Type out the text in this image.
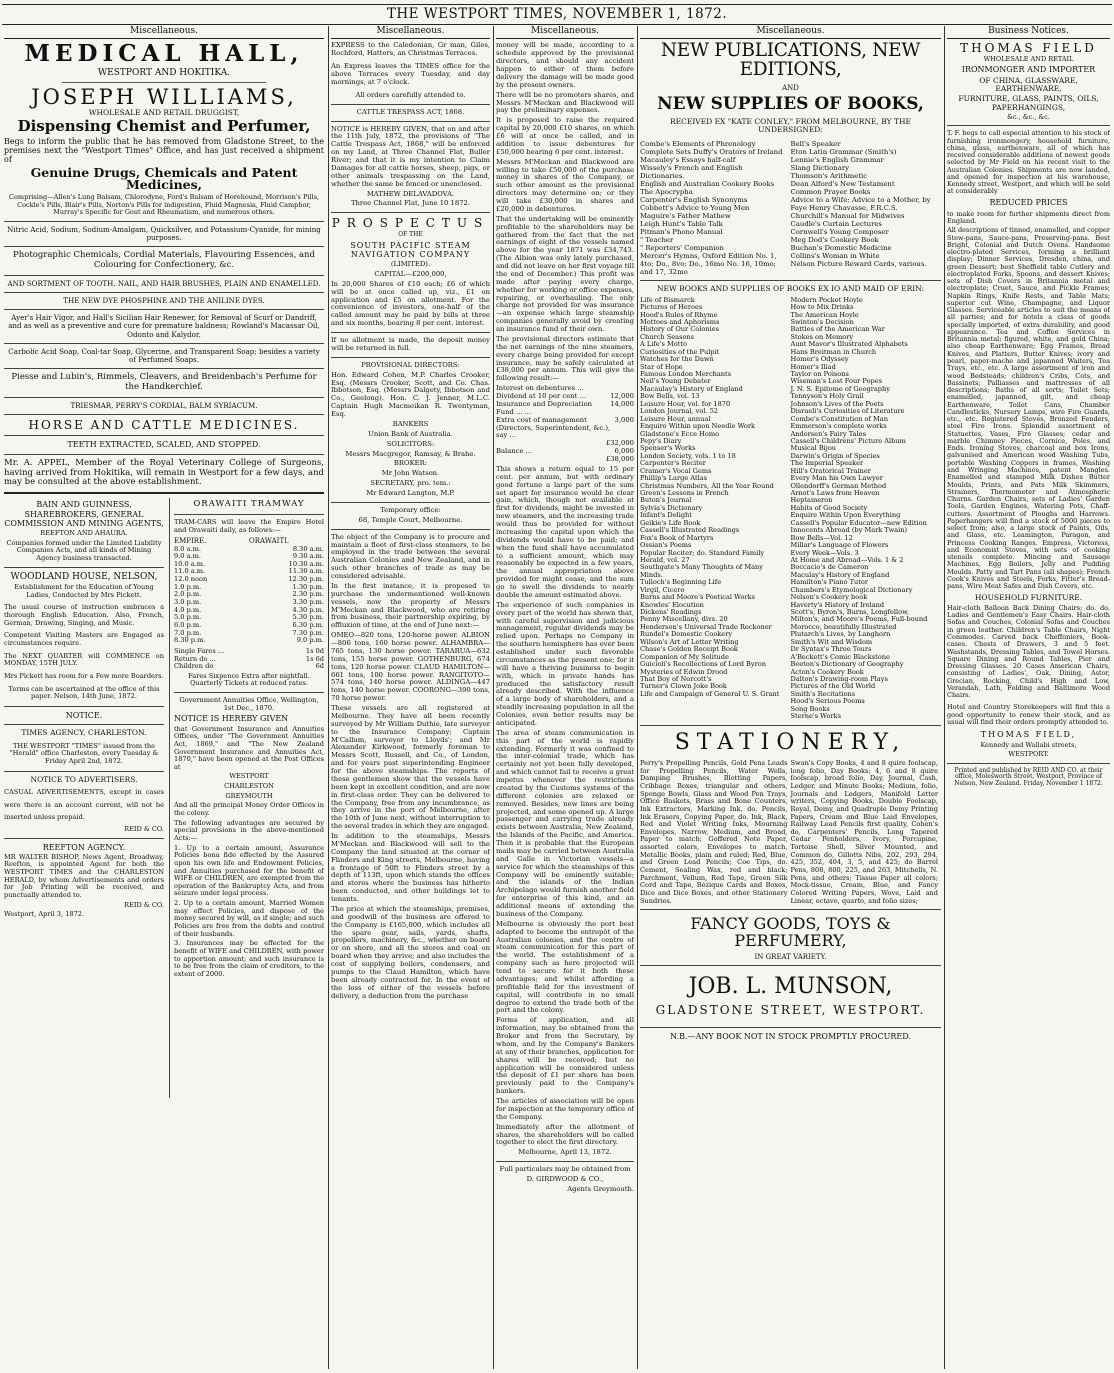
THE WESTPORT TIMES, NOVEMBER 1, 1872.
Miscellaneous.
MEDICAL HALL,
WESTPORT AND HOKITIKA.
JOSEPH WILLIAMS,
WHOLESALE AND RETAIL DRUGGIST,
Dispensing Chemist and Perfumer,

Begs to inform the public that he has removed from Gladstone Street, to the premises next the "Westport Times" Office, and has just received a shipment of

Genuine Drugs, Chemicals and Patent Medicines,

Comprising—Allen's Lung Balsam, Chlorodyne, Ford's Balsam of Horehound, Morrison's Pills, Cockle's Pills, Blair's Pills, Norton's Pills for indigestion, Fluid Magnesia, Fluid Camphor, Murray's Specific for Gout and Rheumatism, and numerous others.

Nitric Acid, Sodium, Sodium-Amalgam, Quicksilver, and Potassium-Cyanide, for mining purposes.

Photographic Chemicals, Cordial Materials, Flavouring Essences, and Colouring for Confectionery, &c.

AND SORTMENT OF TOOTH, NAIL, AND HAIR BRUSHES, PLAIN AND ENAMELLED.

THE NEW DYE PHOSPHINE AND THE ANILINE DYES.

Ayer's Hair Vigor, and Hall's Sicilian Hair Renewer, for Removal of Scurf or Dandriff, and as well as a preventive and cure for premature baldness; Rowland's Macassar Oil, Odonto and Kalydor.

Carbolic Acid Soap, Coal-tar Soap, Glycerine, and Transparent Soap; besides a variety of Perfumed Soaps.

Piesse and Lubin's, Rimmels, Cleavers, and Breidenbach's Perfume for the Handkerchief.

TRIESMAR, PERRY'S CORDIAL, BALM SYRIACUM.

HORSE AND CATTLE MEDICINES.

TEETH EXTRACTED, SCALED, AND STOPPED.

Mr. A. APPEL, Member of the Royal Veterinary College of Surgeons, having arrived from Hokitika, will remain in Westport for a few days, and may be consulted at the above establishment.

BAIN AND GUINNESS, SHAREBROKERS, GENERAL COMMISSION AND MINING AGENTS,

REEFTON AND AHAURA.

Companies formed under the Limited Liability Companies Acts, and all kinds of Mining Agency business transacted.

WOODLAND HOUSE, NELSON,

Establishment for the Education of Young Ladies, Conducted by Mrs Pickett.

The usual course of instruction embraces a thorough English Education. Also, French, German, Drawing, Singing, and Music.

Competent Visiting Masters are Engaged as circumstances require.

The NEXT QUARTER will COMMENCE on MONDAY, 15TH JULY.

Mrs Pickett has room for a Few more Boarders.

Terms can be ascertained at the office of this paper. Nelson, 14th June, 1872.

NOTICE.

TIMES AGENCY, CHARLESTON.

THE WESTPORT "TIMES" issued from the "Herald" office Charleston, every Tuesday & Friday April 2nd, 1872.

NOTICE TO ADVERTISERS.

CASUAL ADVERTISEMENTS, except in cases were there is an account current, will not be inserted unless prepaid.

REID & CO.

REEFTON AGENCY.

MR WALTER BISHOP, News Agent, Broadway, Reefton, is appointed Agent for both the WESTPORT TIMES and the CHARLESTON HERALD, by whom Advertisements and orders for Job Printing will be received, and punctually attended to.

REID & CO.

Westport, April 3, 1872.

ORAWAITI TRAMWAY

TRAM-CARS will leave the Empire Hotel and Orawaiti daily, as follows:—

EMPIRE.	ORAWAITI.
8.0 a.m.	8.30 a.m.
9.0 a.m.	9.30 a.m.
10.0 a.m.	10.30 a.m.
11.0 a.m.	11.30 a.m.
12.0 noon	12.30 p.m.
1.0 p.m.	1.30 p.m.
2.0 p.m.	2.30 p.m.
3.0 p.m.	3.30 p.m.
4.0 p.m.	4.30 p.m.
5.0 p.m.	5.30 p.m.
6.0 p.m.	6.30 p.m.
7.0 p.m.	7.30 p.m.
8.30 p.m.	9.0 p.m.
Single Fares ...	1s 0d
Return do ...	1s 6d
Children do	6d

Fares Sixpence Extra after nightfall. Quarterly Tickets at reduced rates.

Government Annuities Office, Wellington, 1st Dec., 1870.

NOTICE IS HEREBY GIVEN

that Government Insurance and Annuities Offices, under "The Government Annuities Act, 1869," and "The New Zealand Government Insurance and Annuities Act, 1870," have been opened at the Post Offices at

WESTPORT

CHARLESTON

GREYMOUTH

And all the principal Money Order Offices in the colony.

The following advantages are secured by special provisions in the above-mentioned Acts:—

1. Up to a certain amount, Assurance Policies bona fide effected by the Assured upon his own life and Endowment Policies, and Annuities purchased for the benefit of WIFE or CHILDREN, are exempted from the operation of the Bankruptcy Acts, and from seizure under legal process.

2. Up to a certain amount, Married Women may effect Policies, and dispose of the money secured by will, as if single; and such Policies are free from the debts and control of their husbands.

3. Insurances may be effected for the benefit of WIFE and CHILDREN, with power to apportion amount; and such insurance is to be free from the claim of creditors, to the extent of 2000.

Miscellaneous.

EXPRESS to the Caledonian, Gr man, Giles, Rochford, Hatters, an Christmas Terraces.

An Express leaves the TIMES office for the above Terraces every Tuesday, and day mornings, at 7 o'clock.

All orders carefully attended to.

CATTLE TRESPASS ACT, 1868.

NOTICE is HEREBY GIVEN, that on and after the 11th July, 1872, the provisions of "The Cattle Trespass Act, 1868," will be enforced on my Land, at Three Channel Flat, Buller River; and that it is my intention to Claim Damages for all cattle horses, sheep, pigs, or other animals trespassing on the Land, whether the same be fenced or unenclosed.

MATHEW DELAVADOVA.

Three Channel Flat, June 10 1872.

PROSPECTUS

OF THE

SOUTH PACIFIC STEAM NAVIGATION COMPANY

(LIMITED).

CAPITAL—£200,000,

In 20,000 Shares of £10 each; £6 of which will be at once called up, viz., £1 on application and £5 on allotment. For the convenience of investors, one-half of the called amount may be paid by bills at three and six months, bearing 8 per cent. interest.

If no allotment is made, the deposit money will be returned in full.

PROVISIONAL DIRECTORS:

Hon. Edward Cohen, M.P. Charles Crooker, Esq. (Messrs Crooker, Scott, and Co. Chas. Ibbotson, Esq. (Messrs Dalgety, Ibbotson and Co., Geelong). Hon. C. J. Jenner, M.L.C. Captain Hugh Macmeikan R. Twentyman, Esq.

BANKERS

Union Bank of Australia.

SOLICITORS:

Messrs Macgregor, Ramsay, & Brahe.

BROKER:

Mr John Watson.

SECRETARY, pro. tem.:

Mr Edward Langton, M.P.

Temporary office:

68, Temple Court, Melbourne.

The object of the Company is to procure and maintain a fleet of first-class steamers, to be employed in the trade between the several Australian Colonies and New Zealand, and in such other branches of trade as may be considered advisable.

In the first instance, it is proposed to purchase the undermentioned well-known vessels, now the property of Messrs M'Meckan and Blackwood, who are retiring from business, their partnership expiring, by effluxion of time, at the end of June next:—

OMEO—820 tons, 120-horse power. ALBION—806 tons, 160 horse power. ALHAMBRA—765 tons, 130 horse power. TARARUA—632 tons, 155 horse power. GOTHENBURG, 674 tons, 120 horse power. CLAUD HAMILTON—661 tons, 100 horse power. RANGITOTO—574 tons, 140 horse power. ALDINGA—447 tons, 140 horse power. COORONG—390 tons, 70 horse power.

These vessels are all registered at Melbourne. They have all been recently surveyed by Mr William Duthie, late surveyor to the Insurance Company; Captain M'Callum, surveyor to Lloyds'; and Mr Alexander Kirkwood, formerly foreman to Messrs Scott, Russell, and Co., of London, and for years past superintending Engineer for the above steamships. The reports of these gentlemen show that the vessels have been kept in excellent condition, and are now in first-class order. They can be delivered to the Company, free from any incumbrance, as they arrive in the port of Melbourne, after the 10th of June next, without interruption to the several trades in which they are engaged.

In addition to the steamships, Messrs M'Meckan and Blackwood will sell to the Company the land situated at the corner of Flinders and King streets, Melbourne, having a frontage of 50ft to Flinders street by a depth of 113ft, upon which stands the offices and stores where the business has hitherto been conducted, and other buildings let to tenants.

The price at which the steamships, premises, and goodwill of the business are offered to the Company is £165,000, which includes all the spare gear, sails, yards, shafts, propellers, machinery, &c., whether on board or on shore, and all the stores and coal on board when they arrive; and also includes the cost of supplying boilers, condensers, and pumps to the Claud Hamilton, which have been already contracted for. In the event of the loss of either of the vessels before delivery, a deduction from the purchase

Miscellaneous.

money will be made, according to a schedule approved by the provisional directors, and should any accident happen to either of them before delivery the damage will be made good by the present owners.

There will be no promoters shares, and Messrs M'Meckan and Blackwood will pay the preliminary expenses.

It is proposed to raise the required capital by 20,000 £10 shares, on which £6 will at once be called, and in addition to issue debentures for £50,000 bearing 6 per cent. interest.

Messrs M'Meckan and Blackwood are willing to take £50,000 of the purchase money in shares of the Company, or such other amount as the provisional directors may determine on; or they will take £30,000 in shares and £20,000 in debentures.

That the undertaking will be eminently profitable to the shareholders may be gathered from the fact that the net earnings of eight of the vessels named above for the year 1871 was £34,743. (The Albion was only lately purchased, and did not leave on her first voyage till the end of December.) This profit was made after paying every charge, whether for working or office expenses, repairing, or overhauling. The only charge not provided for was insurance—an expense which large steamship companies generally avoid by creating an insurance fund of their own.

The provisional directors estimate that the net earnings of the nine steamers, every charge being provided for except insurance, may be safely calculated at £38,000 per annum. This will give the following result:—

Interest on debentures ...
Dividend at 10 per cent ...	12,000
Insurance and Depreciation Fund ... ...
14,000
Extra cost of management (Directors, Superintendent, &c.), say ...
3,000
£32,000
Balance ...	6,000
£38,000

This shows a return equal to 15 per cent. per annum, but with ordinary good fortune a large part of the sum set apart for insurance would be clear gain, which, though not available at first for dividends, might be invested in new steamers, and the increasing trade would thus be provided for without increasing the capital upon which the dividends would have to be paid; and when the fund shall have accumulated to a sufficient amount, which may reasonably be expected in a few years, the annual appropriation above provided for might cease, and the sum go to swell the dividends to nearly double the amount estimated above.

The experience of such companies in every part of the world has shown that, with careful supervision and judicious management, regular dividends may be relied upon. Perhaps no Company in the southern hemisphere has ever been established under such favorable circumstances as the present one; for it will have a thriving business to begin with, which in private hands has produced the satisfactory result already described. With the influence of a large body of shareholders, and a steadily increasing population in all the Colonies, even better results may be anticipated.

The area of steam communication in this part of the world is rapidly extending. Formerly it was confined to the inter-colonial trade, which has certainly not yet been fully developed, and which cannot fail to receive a great impetus whenever the restrictions created by the Customs systems of the different colonies are relaxed or removed. Besides, new lines are being projected, and some opened up. A large passenger and carrying trade already exists between Australia, New Zealand, the Islands of the Pacific, and America. Then it is probable that the European mails may be carried between Australia and Galle in Victorian vessels—a service for which the steamships of this Company will be eminently suitable; and the islands of the Indian Archipelago would furnish another field for enterprise of this kind, and an additional means of extending the business of the Company.

Melbourne is obviously the port best adapted to become the entrepôt of the Australian colonies, and the centre of steam communication for this part of the world. The establishment of a company such as here projected will tend to secure for it both these advantages; and whilst affording a profitable field for the investment of capital, will contribute in no small degree to extend the trade both of the port and the colony.

Forms of application, and all information, may be obtained from the Broker and from the Secretary, by whom, and by the Company's Bankers at any of their branches, application for shares will be received; but no application will be considered unless the deposit of £1 per share has been previously paid to the Company's bankers.

The articles of association will be open for inspection at the temporary office of the Company.

Immediately after the allotment of shares, the shareholders will be called together to elect the first directory.

Melbourne, April 13, 1872.

Full particulars may be obtained from

D. GIRDWOOD & CO.,

Agents Greymouth.

Miscellaneous.
NEW PUBLICATIONS, NEW EDITIONS,

AND

NEW SUPPLIES OF BOOKS,

RECEIVED EX "KATE CONLEY," FROM MELBOURNE, BY THE UNDERSIGNED:

Combe's Elements of Phrenology

Complete Sets Duffy's Orators of Ireland

Macauley's Essays half-calf

Wissely's French and English Dictionaries.

English and Australian Cookery Books

The Apocrypha

Carpenter's English Synonyms

Cobbett's Advice to Young Men

Maguire's Father Mathew

Leigh Hunt's Table Talk

Pitman's Phono Manual

" Teacher

" Reporters' Companion

Mercer's Hymns, Oxford Edition No. 1, 4to; Do., 8vo; Do., 16mo No. 16, 10mo; and 17, 32mo

Bell's Speaker

Eton Latin Grammar (Smith's)

Lennie's English Grammar

Slang Dictionary

Thomson's Arithmetic

Dean Alford's New Testament

Common Prayer Books

Advice to a Wife; Advice to a Mother, by Faye Henry Chavasse, F.R.C.S.

Churchill's Manual for Midwives

Caudle's Curtain Lectures

Cornwell's Young Composer

Meg Dod's Cookery Book

Buchan's Domestic Medicine

Collins's Woman in White

Nelson Picture Reward Cards, various.

NEW BOOKS AND SUPPLIES OF BOOKS EX IO AND MAID OF ERIN:

Life of Bismarck

Pictures of Heroes

Hood's Rules of Rhyme

Mottoes and Aphorisms

History of Our Colonies

Church Seasons

A Life's Motto

Curiosities of the Pulpit

Watches for the Dawn

Star of Hope

Famous London Merchants

Neil's Young Debater

Macaulay's History of England

Bow Bells, vol. 13

Leisure Hour, vol. for 1870

London Journal, vol. 52

Leisure Hour, annual

Enquire Within upon Needle Work

Gladstone's Ecce Homo

Pepy's Diary

Spenser's Works

London Society, vols. 1 to 18

Carpenter's Reciter

Cramer's Vocal Gems

Phillip's Large Atlas

Christmas Numbers, All the Year Round

Green's Lessons in French

Buton's Journal

Sylvia's Dictionary

Infant's Delight

Geikie's Life Book

Cassell's Illustrated Readings

Fox's Book of Martyrs

Ossian's Poems

Popular Reciter; do. Standard Family Herald, vol. 27

Southgate's Many Thoughts of Many Minds.

Tulloch's Beginning Life

Virgil, Cicero

Burns and Moore's Poetical Works

Knowles' Elocution

Dickens' Readings

Penny Miscellany, divs. 20

Henderson's Universal Trade Reckoner

Rundel's Domestic Cookery

Wilson's Art of Letter Writing

Chase's Golden Receipt Book

Companion of My Solitude

Guicioli's Recollections of Lord Byron

Mysteries of Edwin Drood

That Boy of Norcott's

Turner's Clown Joke Book

Life and Campaign of General U. S. Grant

Modern Pocket Hoyle

How to Mix Drinks

The American Hoyle

Swinton's Decision

Battles of the American War

Stokes on Memory

Aunt Mavor's Illustrated Alphabets

Hans Breitman in Church

Homer's Odyssey

Homer's Iliad

Taylor on Poisons

Wiseman's Lost Four Popes

J. N. S. Epitome of Geography

Tennyson's Holy Grail

Johnson's Lives of the Poets

Disraeli's Curiosities of Literature

Combe's Constitution of Man

Emmerson's complete works

Andersen's Fairy Tales

Cassell's Childrens' Picture Album

Musical Bijou

Darwin's Origin of Species

The Imperial Speaker

Hill's Oratorical Trainer

Every Man his Own Lawyer

Ollendorff's German Method

Arnot's Laws from Heaven

Heptameron

Habits of Good Society

Enquire Within Upon Everything

Cassell's Popular Educator—new Edition

Innocents Abroad (by Mark Twain)

Bow Bells—Vol. 12

Millar's Language of Flowers

Every Week—Vols. 3

At Home and Abroad—Vols. 1 & 2

Boccacio's de Cameron

Maculay's History of England

Hamilton's Piano Tutor

Chambers's Etymological Dictionary

Nelson's Cookery book

Haverty's History of Ireland

Scott's, Byron's, Burns, Longfellow, Milton's, and Moore's Poems, Full-bound Morocco, beautifully Illustrated

Plutarch's Lives, by Langhorn

Smith's Wit and Wisdom

Dr Syntax's Three Tours

A'Beckett's Comic Blackstone

Beeton's Dictionary of Geography

Acton's Cookery Book

Dalton's Drawing-room Plays

Pictures of the Old World

Smith's Recitations

Hood's Serious Poems

Song Books

Sterne's Works

STATIONERY,

Perry's Propelling Pencils, Gold Pens Leads for Propelling Pencils, Water Wells, Damping Brushes, Blotting Papers, Cribbage Boxes, triangular and others, Sponge Bowls, Glass and Wood Pen Trays, Office Baskets, Brass and Bone Counters, Ink Extractors, Marking Ink, do. Pencils, Ink Erasers, Copying Paper, do. Ink, Black, Red and Violet Writing Inks, Mourning Envelopes, Narrow, Medium, and Broad, Paper to match; Goffered Note Paper, assorted colors, Envelopes to match, Metallic Books, plain and ruled; Red, Blue, and Green Lead Pencils; Coe Tips, do. Cement, Sealing Wax, red and black; Parchment, Vellum, Red Tape, Green Silk Cord and Tape, Bézique Cards and Boxes, Dice and Dice Boxes, and other Stationery Sundries.

Swan's Copy Books, 4 and 8 quire foolscap, long folio, Day Books; 4, 6 and 8 quire foolscap, broad folio, Day, Journal, Cash, Ledger, and Minute Books; Medium, folio, Journals and Ledgers, Manifold Letter writers, Copying Books, Double Foolscap, Royal, Demy, and Quadruple Demy Printing Papers, Cream and Blue Laid Envelopes, Railway Lead Pencils first quality, Cohen's do, Carpenters' Pencils, Long Tapered Cedar Penholders, Ivory, Porcupine, Tortoise Shell, Silver Mounted, and Common do, Gillotts Nibs, 202, 293, 294, 425, 352, 404, 3, 5, and 425; do Barrel Pens, 808, 800, 225, and 263, Mitchells, N. Pens, and others; Tissue Paper all colors; Mock-tissue, Cream, Blue, and Fancy Colored Writing Papers, Wove, Laid and Linear, octavo, quarto, and folio sizes;

FANCY GOODS, TOYS & PERFUMERY,

IN GREAT VARIETY.

JOB. L. MUNSON,
GLADSTONE STREET, WESTPORT.

N.B.—ANY BOOK NOT IN STOCK PROMPTLY PROCURED.

Business Notices.
THOMAS FIELD

WHOLESALE AND RETAIL

IRONMONGER AND IMPORTER

OF CHINA, GLASSWARE, EARTHENWARE,

FURNITURE, GLASS, PAINTS, OILS, PAPERHANGINGS,

&c., &c., &c.

T. F. begs to call especial attention to his stock of furnishing ironmongery, household furniture, china, glass, earthenware, all of which has received considerable additions of newest goods selected by Mr Field on his recent visit to the Australian Colonies. Shipments are now landed, and opened for inspection at his warehouse, Kennedy street, Westport, and which will be sold at considerably

REDUCED PRICES

to make room for further shipments direct from England.

All descriptions of tinned, enamelled, and copper Stew-pans, Sauce-pans, Preserving-pans. Best Bright, Colonial and Dutch Ovens. Handsome electro-plated Services, forming a brilliant display; Dinner Services, Dresden, china, and green Dessert; best Sheffield table Cutlery and electroplated Forks, Spoons, and dessert Knives; sets of Dish Covers in Britannia metal and electroplate; Cruet, Sauce, and Pickle Frames; Napkin Rings, Knife Rests, and Table Mats; superior cut Wine, Champagne, and Liquor Glasses. Serviceable articles to suit the means of all parties; and for hotels a class of goods specially imported, of extra durability, and good appearance. Tea and Coffee Services in Britannia metal; figured, white, and gold China; also cheap Earthenware; Egg Frames, Bread Knives, and Platters, Butter Knives; ivory and pearl, paper-mache and japanned Waiters, Tea Trays, etc., etc. A large assortment of iron and wood Bedsteads; children's Cribs, Cots, and Bassinets; Palliasses and mattresses of all descriptions; Baths of all sorts; Toilet Sets; enamelled, japanned, gilt, and cheap Earthenware, Toilet Cans, Chamber Candlesticks, Nursery Lamps, wire Fire Guards, etc., etc. Registered Stoves, Bronzed Fenders, steel Fire Irons. Splendid assortment of Statuettes, Vases, Fire Glasses; cedar and marble Chimney Pieces, Cornice, Poles, and Ends. Ironing Stoves, charcoal and box Irons, galvanised and American wood Washing Tubs, portable Washing Coppers in frames, Washing and Wringing Machines, patent Mangles. Enamelled and stamped Milk Dishes Butter Moulds, Prints, and Pats Milk Skimmers, Strainers, Thermometer and Atmospheric Churns. Garden Chairs, sets of Ladies' Garden Tools, Garden Engines, Watering Pots, Chaff-cutters. Assortment of Ploughs and Harrows. Paperhangers will find a stock of 5000 pieces to select from; also, a large stock of Paints, Oils, and Glass, etc. Leamington, Paragon, and Princess Cooking Ranges. Empress, Victoress, and Economist Stoves, with sets of cooking utensils complete. Mincing and Sausage Machines, Egg Boilers, Jelly and Pudding Moulds. Patty and Tart Pans (all shapes); French Cook's Knives and Steels, Forks, Fitter's Bread-pans, Wire Meat Safes and Dish Covers, etc.

HOUSEHOLD FURNITURE.

Hair-cloth Balloon Back Dining Chairs; do. do. Ladies and Gentlemen's Easy Chairs. Hair-cloth Sofas and Couches, Colonial Sofas and Couches in green leather. Children's Table Chairs, Night Commodes. Carved back Cheffoniers, Book-cases. Chests of Drawers, 3 and 5 feet. Washstands, Dressing Tables, and Towel Horses. Square Dining and Round Tables, Pier and Dressing Glasses. 20 Cases American Chairs, consisting of Ladies', Oak, Dining, Astor, Grecian, Rocking, Child's High and Low, Verandah, Lath, Folding and Baltimore Wood Chairs.

Hotel and Country Storekeepers will find this a good opportunity to renew their stock, and as usual will find their orders promptly attended to.

THOMAS FIELD,

Kennedy and Wallabi streets,

WESTPORT.

Printed and published by REID AND CO. at their office, Molesworth Street, Westport, Province of Nelson, New Zealand. Friday, November 1 1872.
